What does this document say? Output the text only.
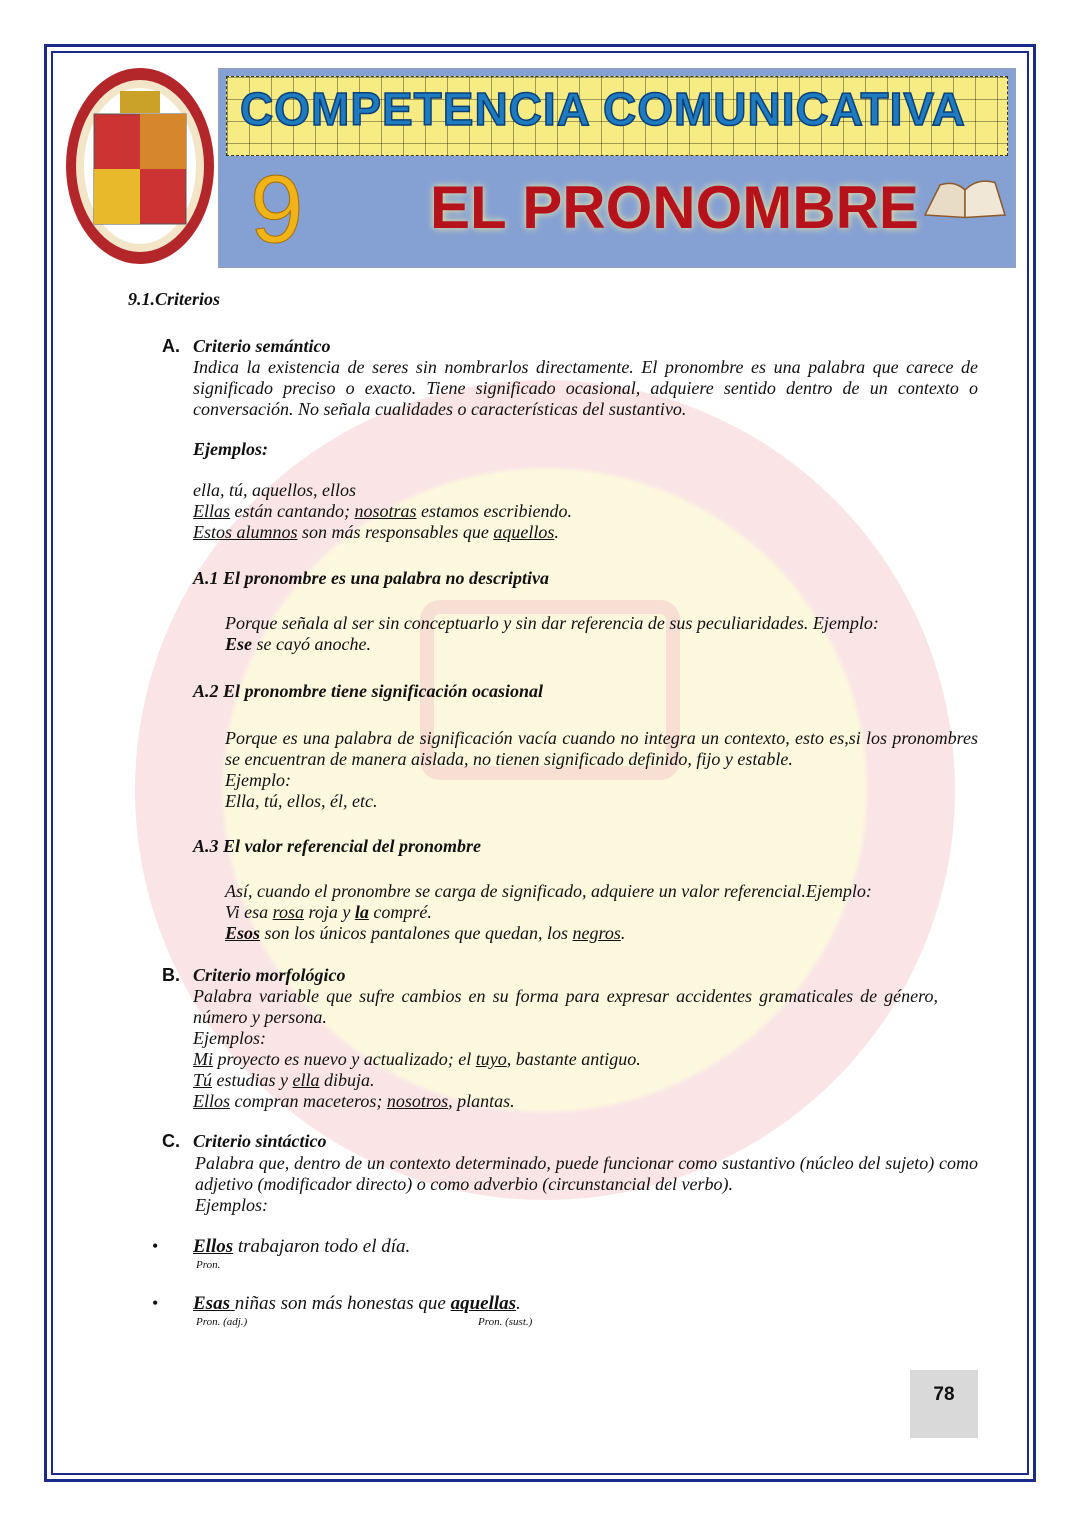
COMPETENCIA COMUNICATIVA
9 EL PRONOMBRE
9.1.Criterios
A. Criterio semántico
Indica la existencia de seres sin nombrarlos directamente. El pronombre es una palabra que carece de significado preciso o exacto. Tiene significado ocasional, adquiere sentido dentro de un contexto o conversación. No señala cualidades o características del sustantivo.
Ejemplos:
ella, tú, aquellos, ellos
Ellas están cantando; nosotras estamos escribiendo.
Estos alumnos son más responsables que aquellos.
A.1 El pronombre es una palabra no descriptiva
Porque señala al ser sin conceptuarlo y sin dar referencia de sus peculiaridades. Ejemplo:
Ese se cayó anoche.
A.2 El pronombre tiene significación ocasional
Porque es una palabra de significación vacía cuando no integra un contexto, esto es,si los pronombres se encuentran de manera aislada, no tienen significado definido, fijo y estable.
Ejemplo:
Ella, tú, ellos, él, etc.
A.3 El valor referencial del pronombre
Así, cuando el pronombre se carga de significado, adquiere un valor referencial.Ejemplo:
Vi esa rosa roja y la compré.
Esos son los únicos pantalones que quedan, los negros.
B. Criterio morfológico
Palabra variable que sufre cambios en su forma para expresar accidentes gramaticales de género, número y persona.
Ejemplos:
Mi proyecto es nuevo y actualizado; el tuyo, bastante antiguo.
Tú estudias y ella dibuja.
Ellos compran maceteros; nosotros, plantas.
C. Criterio sintáctico
Palabra que, dentro de un contexto determinado, puede funcionar como sustantivo (núcleo del sujeto) como adjetivo (modificador directo) o como adverbio (circunstancial del verbo).
Ejemplos:
• Ellos trabajaron todo el día.
Pron.
• Esas niñas son más honestas que aquellas.
Pron. (adj.)	Pron. (sust.)
78
